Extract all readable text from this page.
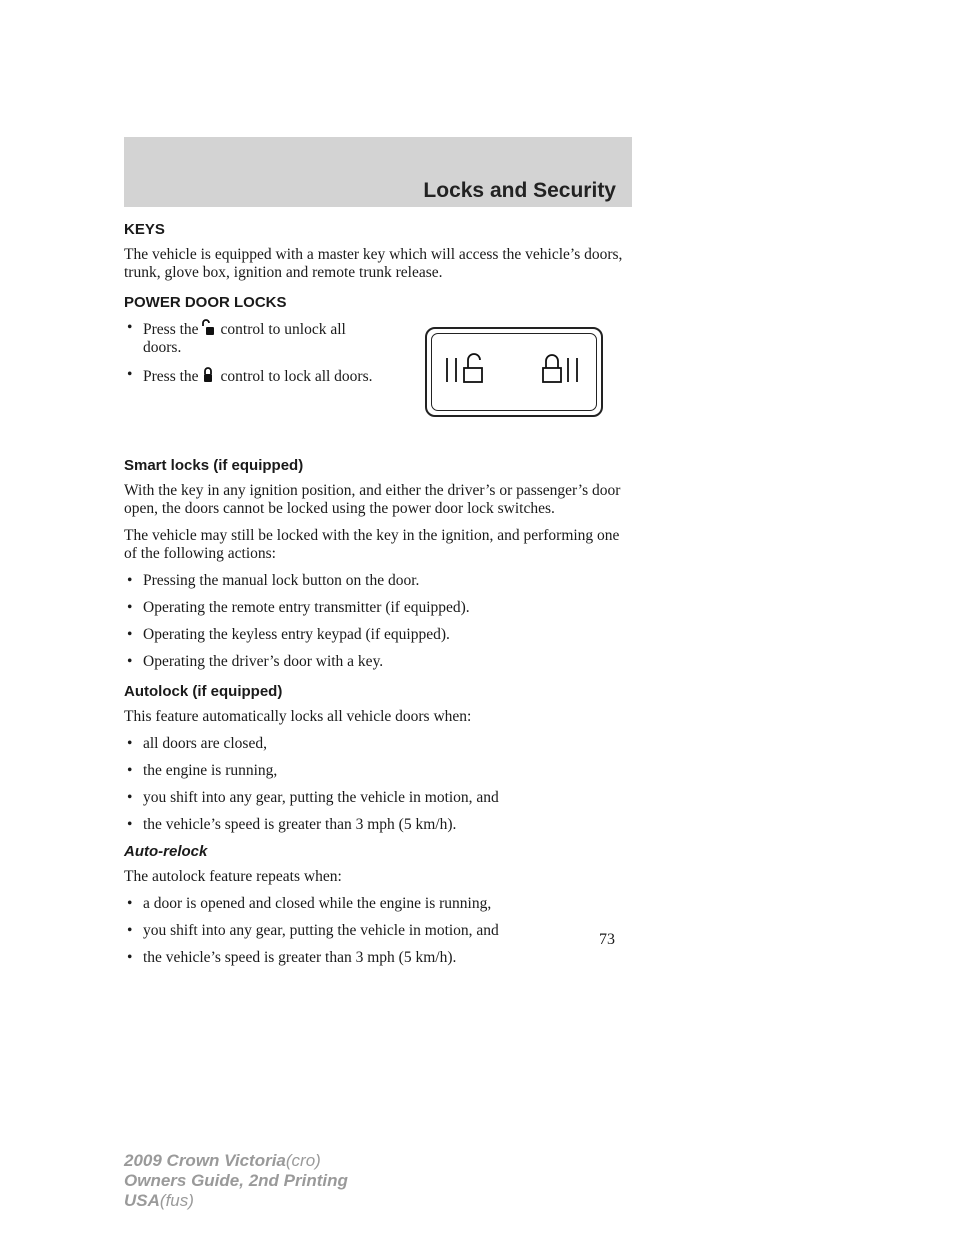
Locks and Security
KEYS

The vehicle is equipped with a master key which will access the vehicle’s doors, trunk, glove box, ignition and remote trunk release.

POWER DOOR LOCKS
• Press the control to unlock all doors.
• Press the control to lock all doors.
Smart locks (if equipped)

With the key in any ignition position, and either the driver’s or passenger’s door open, the doors cannot be locked using the power door lock switches.

The vehicle may still be locked with the key in the ignition, and performing one of the following actions:

• Pressing the manual lock button on the door.
• Operating the remote entry transmitter (if equipped).
• Operating the keyless entry keypad (if equipped).
• Operating the driver’s door with a key.
Autolock (if equipped)

This feature automatically locks all vehicle doors when:

• all doors are closed,
• the engine is running,
• you shift into any gear, putting the vehicle in motion, and
• the vehicle’s speed is greater than 3 mph (5 km/h).
Auto-relock

The autolock feature repeats when:

• a door is opened and closed while the engine is running,
• you shift into any gear, putting the vehicle in motion, and
• the vehicle’s speed is greater than 3 mph (5 km/h).
73
2009 Crown Victoria(cro)
Owners Guide, 2nd Printing
USA(fus)
